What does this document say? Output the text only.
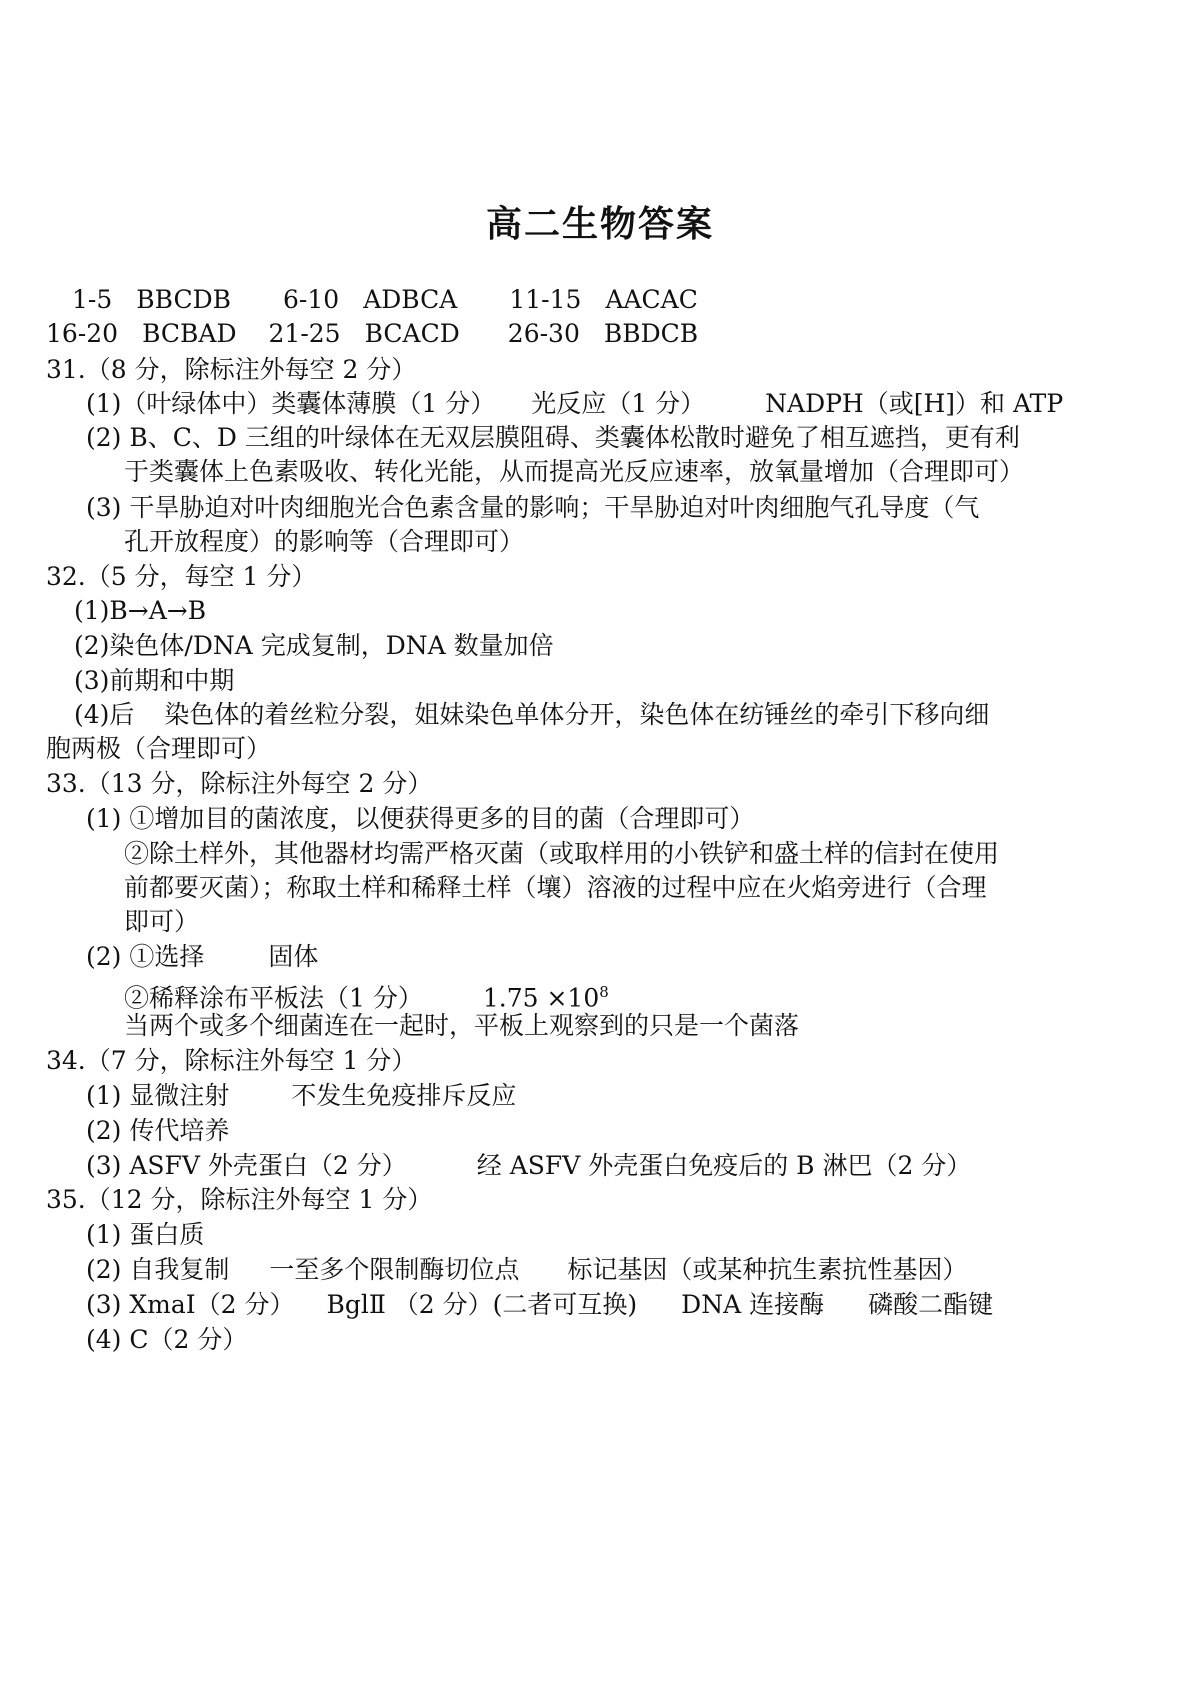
高二生物答案
1-5 BBCDB 6-10 ADBCA 11-15 AACAC
16-20 BCBAD 21-25 BCACD 26-30 BBDCB
31.（8 分，除标注外每空 2 分）
(1)（叶绿体中）类囊体薄膜（1 分） 光反应（1 分） NADPH（或[H]）和 ATP
(2) B、C、D 三组的叶绿体在无双层膜阻碍、类囊体松散时避免了相互遮挡，更有利
于类囊体上色素吸收、转化光能，从而提高光反应速率，放氧量增加（合理即可）
(3) 干旱胁迫对叶肉细胞光合色素含量的影响；干旱胁迫对叶肉细胞气孔导度（气
孔开放程度）的影响等（合理即可）
32.（5 分，每空 1 分）
(1)B→A→B
(2)染色体/DNA 完成复制，DNA 数量加倍
(3)前期和中期
(4)后 染色体的着丝粒分裂，姐妹染色单体分开，染色体在纺锤丝的牵引下移向细
胞两极（合理即可）
33.（13 分，除标注外每空 2 分）
(1) ①增加目的菌浓度，以便获得更多的目的菌（合理即可）
②除土样外，其他器材均需严格灭菌（或取样用的小铁铲和盛土样的信封在使用
前都要灭菌）；称取土样和稀释土样（壤）溶液的过程中应在火焰旁进行（合理
即可）
(2) ①选择	固体
②稀释涂布平板法（1 分） $1.75 \times 10^8$
当两个或多个细菌连在一起时，平板上观察到的只是一个菌落
34.（7 分，除标注外每空 1 分）
(1) 显微注射 不发生免疫排斥反应
(2) 传代培养
(3) ASFV 外壳蛋白（2 分）	经 ASFV 外壳蛋白免疫后的 B 淋巴（2 分）
35.（12 分，除标注外每空 1 分）
(1) 蛋白质
(2) 自我复制 一至多个限制酶切位点 标记基因（或某种抗生素抗性基因）
(3) XmaⅠ（2 分） BglⅡ （2 分）(二者可互换) DNA 连接酶 磷酸二酯键
(4) C（2 分）
